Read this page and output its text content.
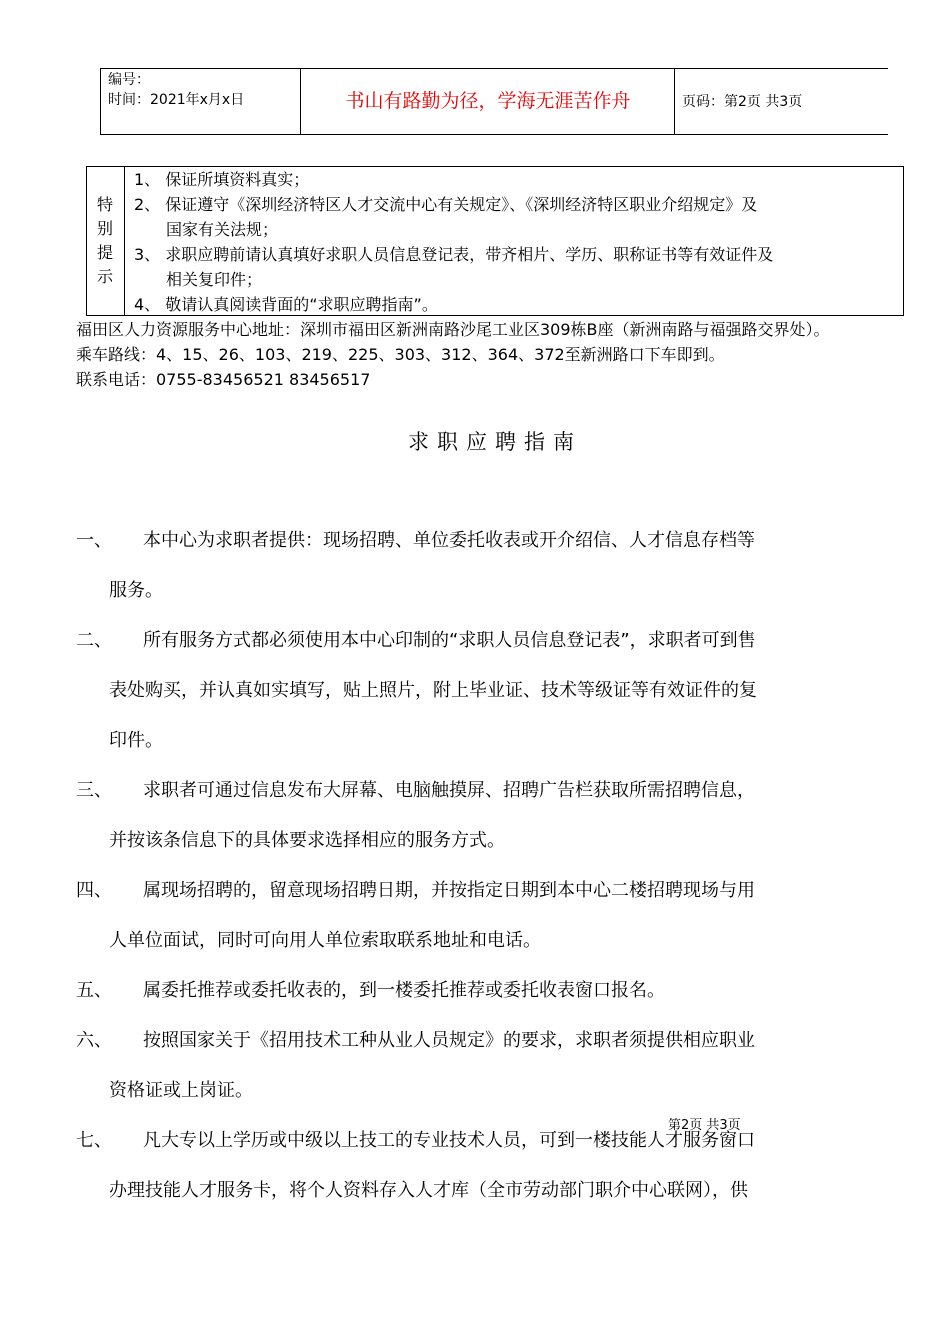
编号：
时间：2021年x月x日	书山有路勤为径，学海无涯苦作舟	页码：第2页 共3页
特
别
提
示
1、 保证所填资料真实；
2、 保证遵守《深圳经济特区人才交流中心有关规定》、《深圳经济特区职业介绍规定》及
国家有关法规；
3、 求职应聘前请认真填好求职人员信息登记表，带齐相片、学历、职称证书等有效证件及
相关复印件；
4、 敬请认真阅读背面的“求职应聘指南”。
福田区人力资源服务中心地址：深圳市福田区新洲南路沙尾工业区309栋B座（新洲南路与福强路交界处）。
乘车路线：4、15、26、103、219、225、303、312、364、372至新洲路口下车即到。
联系电话：0755-83456521 83456517
求职应聘指南
一、 本中心为求职者提供：现场招聘、单位委托收表或开介绍信、人才信息存档等
服务。
二、 所有服务方式都必须使用本中心印制的“求职人员信息登记表”，求职者可到售
表处购买，并认真如实填写，贴上照片，附上毕业证、技术等级证等有效证件的复
印件。
三、 求职者可通过信息发布大屏幕、电脑触摸屏、招聘广告栏获取所需招聘信息，
并按该条信息下的具体要求选择相应的服务方式。
四、 属现场招聘的，留意现场招聘日期，并按指定日期到本中心二楼招聘现场与用
人单位面试，同时可向用人单位索取联系地址和电话。
五、 属委托推荐或委托收表的，到一楼委托推荐或委托收表窗口报名。
六、 按照国家关于《招用技术工种从业人员规定》的要求，求职者须提供相应职业
资格证或上岗证。
七、 凡大专以上学历或中级以上技工的专业技术人员，可到一楼技能人才服务窗口
办理技能人才服务卡，将个人资料存入人才库（全市劳动部门职介中心联网），供
第2页 共3页
